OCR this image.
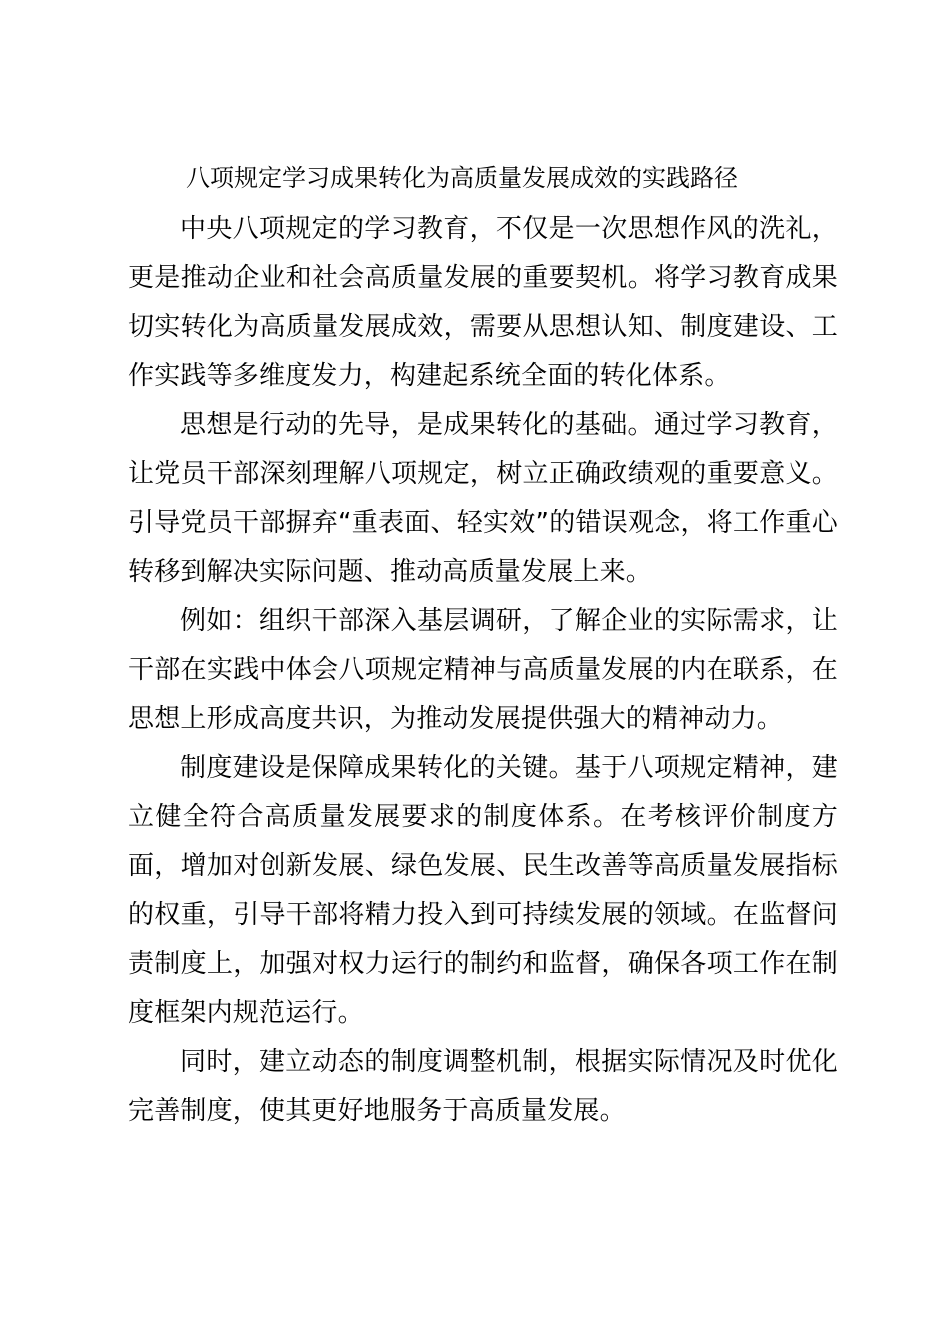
八项规定学习成果转化为高质量发展成效的实践路径

中央八项规定的学习教育，不仅是一次思想作风的洗礼，更是推动企业和社会高质量发展的重要契机。将学习教育成果切实转化为高质量发展成效，需要从思想认知、制度建设、工作实践等多维度发力，构建起系统全面的转化体系。

思想是行动的先导，是成果转化的基础。通过学习教育，让党员干部深刻理解八项规定，树立正确政绩观的重要意义。引导党员干部摒弃“重表面、轻实效”的错误观念，将工作重心转移到解决实际问题、推动高质量发展上来。

例如：组织干部深入基层调研，了解企业的实际需求，让干部在实践中体会八项规定精神与高质量发展的内在联系，在思想上形成高度共识，为推动发展提供强大的精神动力。

制度建设是保障成果转化的关键。基于八项规定精神，建立健全符合高质量发展要求的制度体系。在考核评价制度方面，增加对创新发展、绿色发展、民生改善等高质量发展指标的权重，引导干部将精力投入到可持续发展的领域。在监督问责制度上，加强对权力运行的制约和监督，确保各项工作在制度框架内规范运行。

同时，建立动态的制度调整机制，根据实际情况及时优化完善制度，使其更好地服务于高质量发展。
